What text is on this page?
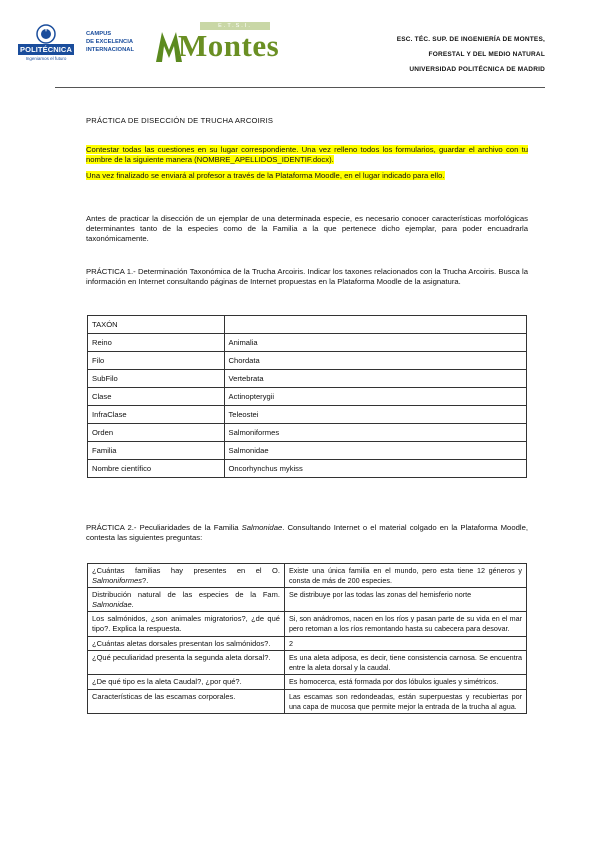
POLITÉCNICA
Ingeniamos el futuro
CAMPUS
DE EXCELENCIA
INTERNACIONAL
E.T.S.I.
Montes	ESC. TÉC. SUP. DE INGENIERÍA DE MONTES,
FORESTAL Y DEL MEDIO NATURAL
UNIVERSIDAD POLITÉCNICA DE MADRID
PRÁCTICA DE DISECCIÓN DE TRUCHA ARCOIRIS
Contestar todas las cuestiones en su lugar correspondiente. Una vez relleno todos los formularios, guardar el archivo con tu nombre de la siguiente manera (NOMBRE_APELLIDOS_IDENTIF.docx).
Una vez finalizado se enviará al profesor a través de la Plataforma Moodle, en el lugar indicado para ello.
Antes de practicar la disección de un ejemplar de una determinada especie, es necesario conocer características morfológicas determinantes tanto de la especies como de la Familia a la que pertenece dicho ejemplar, para poder encuadrarla taxonómicamente.
PRÁCTICA 1.- Determinación Taxonómica de la Trucha Arcoiris. Indicar los taxones relacionados con la Trucha Arcoiris. Busca la información en Internet consultando páginas de Internet propuestas en la Plataforma Moodle de la asignatura.
TAXÓN	
Reino	Animalia
Filo	Chordata
SubFilo	Vertebrata
Clase	Actinopterygii
InfraClase	Teleostei
Orden	Salmoniformes
Familia	Salmonidae
Nombre científico	Oncorhynchus mykiss
PRÁCTICA 2.- Peculiaridades de la Familia Salmonidae. Consultando Internet o el material colgado en la Plataforma Moodle, contesta las siguientes preguntas:
¿Cuántas familias hay presentes en el O. Salmoniformes?.	Existe una única familia en el mundo, pero esta tiene 12 géneros y consta de más de 200 especies.
Distribución natural de las especies de la Fam. Salmonidae.	Se distribuye por las todas las zonas del hemisferio norte
Los salmónidos, ¿son animales migratorios?, ¿de qué tipo?. Explica la respuesta.	Si, son anádromos, nacen en los ríos y pasan parte de su vida en el mar pero retoman a los ríos remontando hasta su cabecera para desovar.
¿Cuántas aletas dorsales presentan los salmónidos?.	2
¿Qué peculiaridad presenta la segunda aleta dorsal?.	Es una aleta adiposa, es decir, tiene consistencia carnosa. Se encuentra entre la aleta dorsal y la caudal.
¿De qué tipo es la aleta Caudal?, ¿por qué?.	Es homocerca, está formada por dos lóbulos iguales y simétricos.
Características de las escamas corporales.	Las escamas son redondeadas, están superpuestas y recubiertas por una capa de mucosa que permite mejor la entrada de la trucha al agua.
